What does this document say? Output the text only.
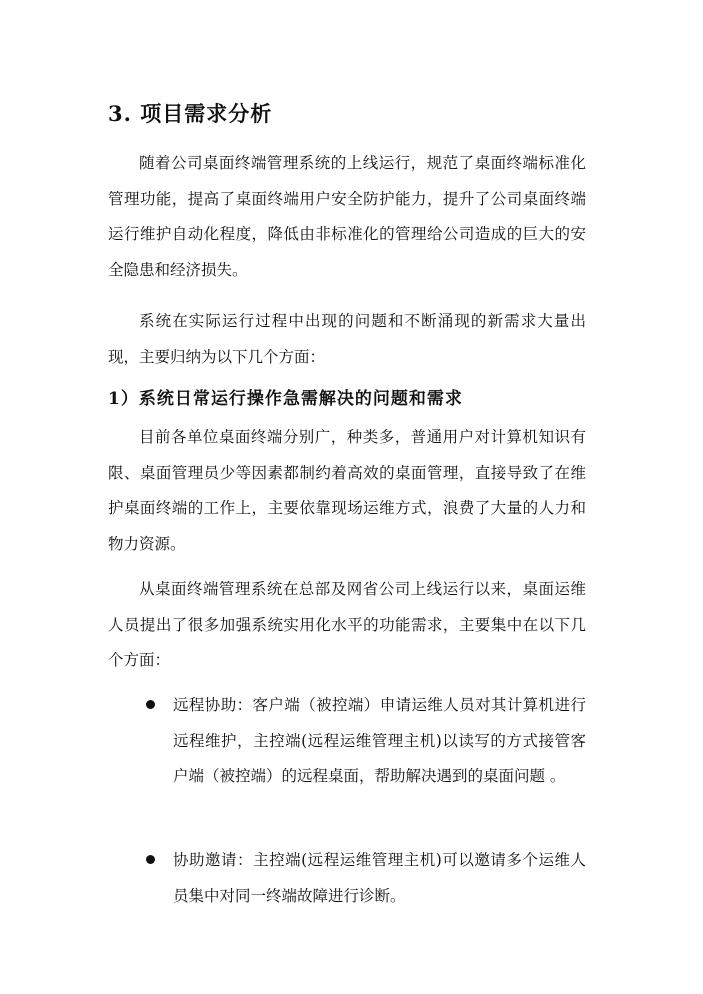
3. 项目需求分析

随着公司桌面终端管理系统的上线运行，规范了桌面终端标准化管理功能，提高了桌面终端用户安全防护能力，提升了公司桌面终端运行维护自动化程度，降低由非标准化的管理给公司造成的巨大的安全隐患和经济损失。

系统在实际运行过程中出现的问题和不断涌现的新需求大量出现，主要归纳为以下几个方面：

1）系统日常运行操作急需解决的问题和需求

目前各单位桌面终端分别广，种类多，普通用户对计算机知识有限、桌面管理员少等因素都制约着高效的桌面管理，直接导致了在维护桌面终端的工作上，主要依靠现场运维方式，浪费了大量的人力和物力资源。

从桌面终端管理系统在总部及网省公司上线运行以来，桌面运维人员提出了很多加强系统实用化水平的功能需求，主要集中在以下几个方面：

远程协助：客户端（被控端）申请运维人员对其计算机进行远程维护，主控端(远程运维管理主机)以读写的方式接管客户端（被控端）的远程桌面，帮助解决遇到的桌面问题 。

协助邀请：主控端(远程运维管理主机)可以邀请多个运维人员集中对同一终端故障进行诊断。
